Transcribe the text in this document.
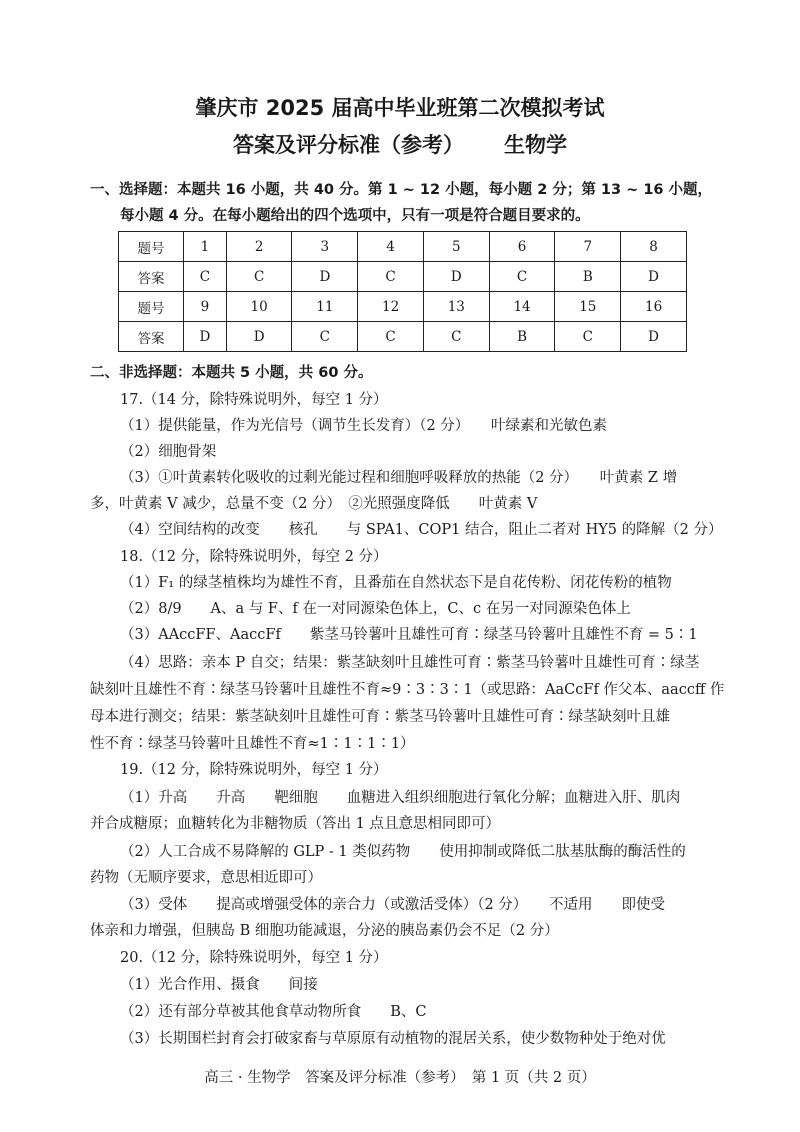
肇庆市 2025 届高中毕业班第二次模拟考试
答案及评分标准（参考） 生物学
一、选择题：本题共 16 小题，共 40 分。第 1 ~ 12 小题，每小题 2 分；第 13 ~ 16 小题，
每小题 4 分。在每小题给出的四个选项中，只有一项是符合题目要求的。
题号	1	2	3	4	5	6	7	8
答案	C	C	D	C	D	C	B	D
题号	9	10	11	12	13	14	15	16
答案	D	D	C	C	C	B	C	D
二、非选择题：本题共 5 小题，共 60 分。
17.（14 分，除特殊说明外，每空 1 分）
（1）提供能量，作为光信号（调节生长发育）（2 分）　　叶绿素和光敏色素
（2）细胞骨架
（3）①叶黄素转化吸收的过剩光能过程和细胞呼吸释放的热能（2 分）　　叶黄素 Z 增
多，叶黄素 V 减少，总量不变（2 分）　②光照强度降低　　叶黄素 V
（4）空间结构的改变　　核孔　　与 SPA1、COP1 结合，阻止二者对 HY5 的降解（2 分）
18.（12 分，除特殊说明外，每空 2 分）
（1）F₁ 的绿茎植株均为雄性不育，且番茄在自然状态下是自花传粉、闭花传粉的植物
（2）8/9　　A、a 与 F、f 在一对同源染色体上，C、c 在另一对同源染色体上
（3）AAccFF、AaccFf　　紫茎马铃薯叶且雄性可育∶绿茎马铃薯叶且雄性不育 = 5∶1
（4）思路：亲本 P 自交；结果：紫茎缺刻叶且雄性可育∶紫茎马铃薯叶且雄性可育∶绿茎
缺刻叶且雄性不育∶绿茎马铃薯叶且雄性不育≈9∶3∶3∶1（或思路：AaCcFf 作父本、aaccff 作
母本进行测交；结果：紫茎缺刻叶且雄性可育∶紫茎马铃薯叶且雄性可育∶绿茎缺刻叶且雄
性不育∶绿茎马铃薯叶且雄性不育≈1∶1∶1∶1）
19.（12 分，除特殊说明外，每空 1 分）
（1）升高　　升高　　靶细胞　　血糖进入组织细胞进行氧化分解；血糖进入肝、肌肉
并合成糖原；血糖转化为非糖物质（答出 1 点且意思相同即可）
（2）人工合成不易降解的 GLP - 1 类似药物　　使用抑制或降低二肽基肽酶的酶活性的
药物（无顺序要求，意思相近即可）
（3）受体　　提高或增强受体的亲合力（或激活受体）（2 分）　　不适用　　即使受
体亲和力增强，但胰岛 B 细胞功能减退，分泌的胰岛素仍会不足（2 分）
20.（12 分，除特殊说明外，每空 1 分）
（1）光合作用、摄食　　间接
（2）还有部分草被其他食草动物所食　　B、C
（3）长期围栏封育会打破家畜与草原原有动植物的混居关系，使少数物种处于绝对优
高三 · 生物学　答案及评分标准（参考）　第 1 页（共 2 页）
